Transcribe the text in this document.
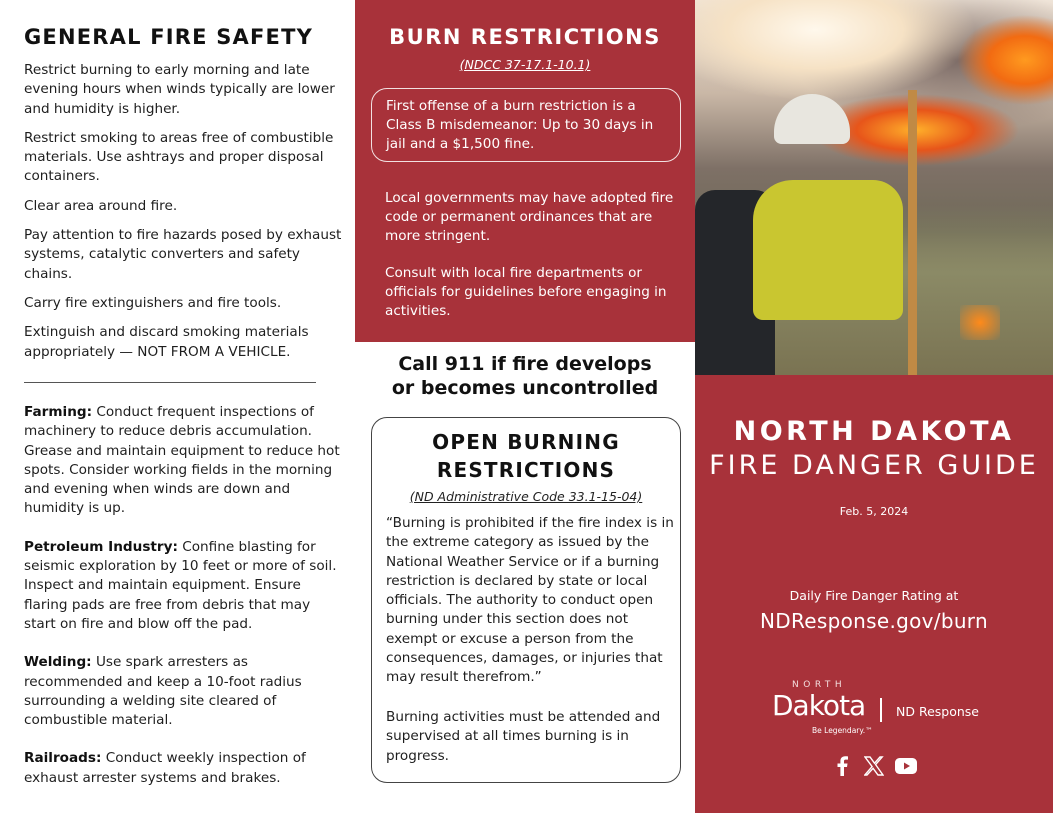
GENERAL FIRE SAFETY

Restrict burning to early morning and late evening hours when winds typically are lower and humidity is higher.

Restrict smoking to areas free of combustible materials. Use ashtrays and proper disposal containers.

Clear area around fire.

Pay attention to fire hazards posed by exhaust systems, catalytic converters and safety chains.

Carry fire extinguishers and fire tools.

Extinguish and discard smoking materials appropriately — NOT FROM A VEHICLE.

Farming: Conduct frequent inspections of machinery to reduce debris accumulation. Grease and maintain equipment to reduce hot spots. Consider working fields in the morning and evening when winds are down and humidity is up.

Petroleum Industry: Confine blasting for seismic exploration by 10 feet or more of soil. Inspect and maintain equipment. Ensure flaring pads are free from debris that may start on fire and blow off the pad.

Welding: Use spark arresters as recommended and keep a 10-foot radius surrounding a welding site cleared of combustible material.

Railroads: Conduct weekly inspection of exhaust arrester systems and brakes.

BURN RESTRICTIONS
(NDCC 37-17.1-10.1)
First offense of a burn restriction is a Class B misdemeanor: Up to 30 days in jail and a $1,500 fine.

Local governments may have adopted fire code or permanent ordinances that are more stringent.

Consult with local fire departments or officials for guidelines before engaging in activities.

Call 911 if fire develops
or becomes uncontrolled
OPEN BURNING
RESTRICTIONS
(ND Administrative Code 33.1-15-04)

“Burning is prohibited if the fire index is in the extreme category as issued by the National Weather Service or if a burning restriction is declared by state or local officials. The authority to conduct open burning under this section does not exempt or excuse a person from the consequences, damages, or injuries that may result therefrom.”

Burning activities must be attended and supervised at all times burning is in progress.

NORTH DAKOTA
FIRE DANGER GUIDE
Feb. 5, 2024
Daily Fire Danger Rating at
NDResponse.gov/burn
NORTH
Dakota
Be Legendary.™
ND Response
